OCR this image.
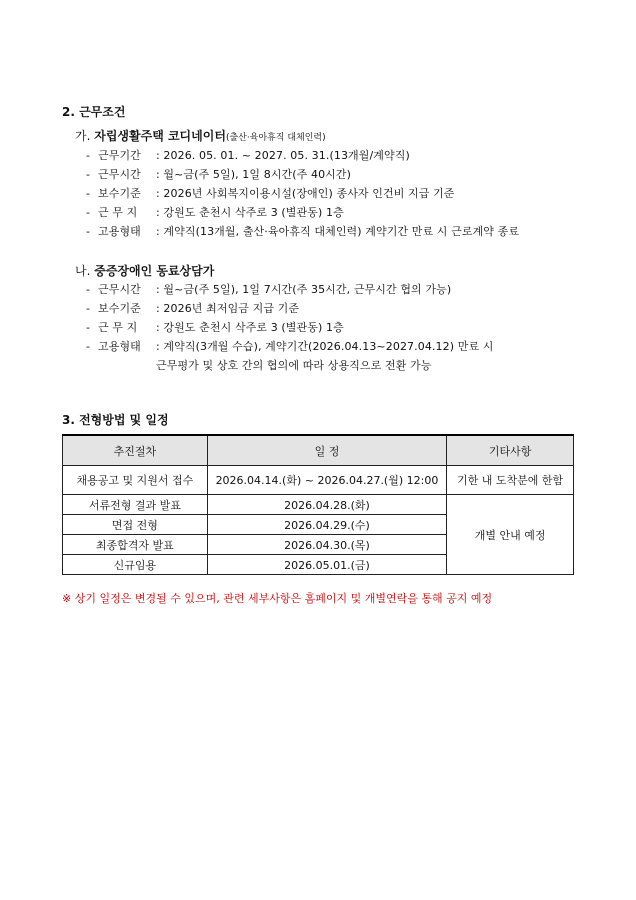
2. 근무조건
가. 자립생활주택 코디네이터(출산·육아휴직 대체인력)
- 근무기간 : 2026. 05. 01. ~ 2027. 05. 31.(13개월/계약직)
- 근무시간 : 월~금(주 5일), 1일 8시간(주 40시간)
- 보수기준 : 2026년 사회복지이용시설(장애인) 종사자 인건비 지급 기준
- 근 무 지 : 강원도 춘천시 삭주로 3 (별관동) 1층
- 고용형태 : 계약직(13개월, 출산·육아휴직 대체인력) 계약기간 만료 시 근로계약 종료
나. 중증장애인 동료상담가
- 근무시간 : 월~금(주 5일), 1일 7시간(주 35시간, 근무시간 협의 가능)
- 보수기준 : 2026년 최저임금 지급 기준
- 근 무 지 : 강원도 춘천시 삭주로 3 (별관동) 1층
- 고용형태 : 계약직(3개월 수습), 계약기간(2026.04.13~2027.04.12) 만료 시
근무평가 및 상호 간의 협의에 따라 상용직으로 전환 가능
3. 전형방법 및 일정
추진절차	일 정	기타사항
채용공고 및 지원서 접수	2026.04.14.(화) ~ 2026.04.27.(월) 12:00	기한 내 도착분에 한함
서류전형 결과 발표	2026.04.28.(화)	개별 안내 예정
면접 전형	2026.04.29.(수)	
최종합격자 발표	2026.04.30.(목)	
신규임용	2026.05.01.(금)	
※ 상기 일정은 변경될 수 있으며, 관련 세부사항은 홈페이지 및 개별연락을 통해 공지 예정
